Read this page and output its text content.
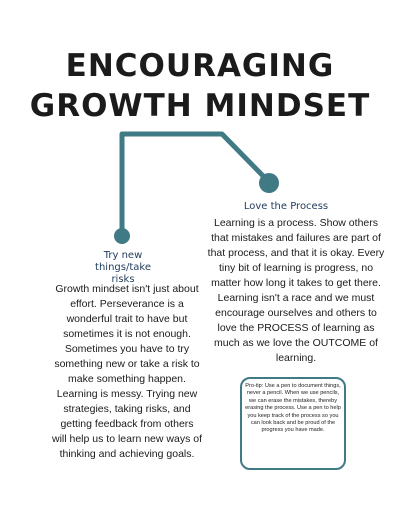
ENCOURAGING
GROWTH MINDSET
Love the Process

Learning is a process. Show others that mistakes and failures are part of that process, and that it is okay. Every tiny bit of learning is progress, no matter how long it takes to get there. Learning isn't a race and we must encourage ourselves and others to love the PROCESS of learning as much as we love the OUTCOME of learning.

Try new
things/take risks

Growth mindset isn't just about effort. Perseverance is a wonderful trait to have but sometimes it is not enough. Sometimes you have to try something new or take a risk to make something happen. Learning is messy. Trying new strategies, taking risks, and getting feedback from others will help us to learn new ways of thinking and achieving goals.

Pro-tip: Use a pen to document things, never a pencil. When we use pencils, we can erase the mistakes, thereby erasing the process. Use a pen to help you keep track of the process so you can look back and be proud of the progress you have made.
